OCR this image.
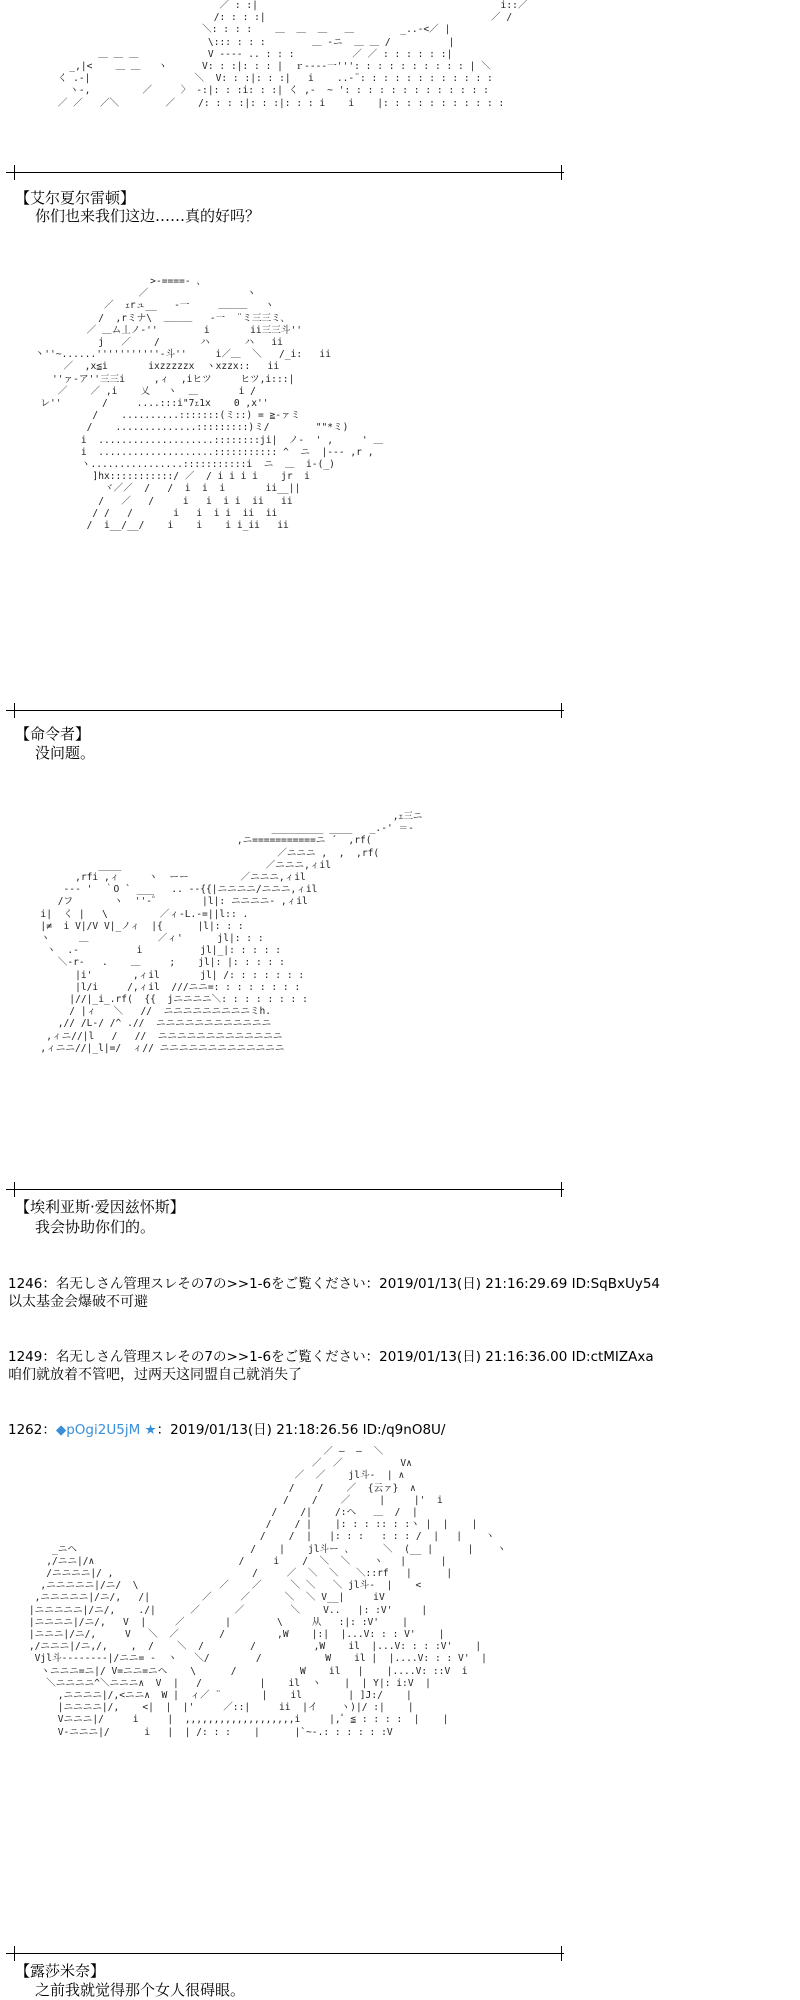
／ : :|                                          i::／
/: : : :|                                       ／ /
＼: : : :    ＿  ＿  ＿   ＿        _..-<／ |
\::: : : :        ＿ -ニ  ＿ ＿ /          |
＿ ＿ ＿            V ---- .. : : :          ／ ／ : : : : : :|
_,|<    ＿ ＿   ヽ      V: : :|: : : |  ｒ----一''': : : : : : : : : : | ＼
く .-|                  ＼  V: : :|: : :|   i    ..-¨: : : : : : : : : : : :
ヽ-,         ／     〉 -:|: : :i: : :| く ,-  ~ ': : : : : : : : : : : : :
／ ／   ／＼        ／    /: : : :|: : :|: : : i    i    |: : : : : : : : : : :
【艾尔夏尔雷顿】
你们也来我们这边……真的好吗？
>-====- 、
／                 ヽ
／  ｪrュ__   -一     ＿＿＿   ヽ
/  ,rミナ\  ＿＿＿   -一  ¨ミ三三ミ、
／ ＿ム丄ノ-''        i       ii三三斗''
j   ／    /       ハ      ハ   ii
丶''~......'''''''''''-斗''     i／＿  ＼   /_i:   ii
／  ,x≦i       ixzzzzzx  ヽxzzx::   ii
''ァ-ア''三三i     ,ィ  ,iヒツ     ヒツ,i:::|
／    ／ ,i    乂   ヽ  ＿       i /
レ''       /     ....:::i"7ｪ1x    0 ,x''
/    ..........:::::::(ミ::) = ≧-ァミ
/    ..............:::::::::)ミ/        ""*ミ)
i  ....................::::::::ji|  ノ-  ' ,     ' ＿
i  ....................::::::::::: ^  ニ  |--- ,r ,
ヽ................:::::::::::i  ニ  ＿  i-(_)
]hx:::::::::::/ ／  / i i i i    jr  i
ヾ／／  /   /  i  i  i       ii__||
/   ／   /     i   i  i i  ii   ii
/ /   /       i   i  i i  ii  ii
/  i__/__/    i    i    i i_ii   ii
【命令者】
没问题。
,ｪ三ニ
_________ ____   _.-' ＝‐
,ニ===========ニ ´  ,rf(
／ニニニ ,  ,  ,rf(
____                         ／ニニニ,ィil
,rfi ,ィ     ヽ  ーー         ／ニニニ,ィil
--- '  ｀O ` ___   .. --{{|ニニニニ/ニニニ,ィil
/フ       ヽ  ''-゜       |l|: ニニニニ- ,ィil
i|  く |   \         ／ィ-L.-=||l:: .
|≠  i V|/V V|_ノィ  |{      |l|: : :
ヽ     ＿            ／ィ'      jl|: : :
ヽ  .-          i          jl|_|: : : : :
＼-r-   .    ＿     ;    jl|: |: : : : :
|i'       ,ィil       jl| /: : : : : : :
|l/i     /,ィil  ///ニニ=: : : : : : : :
|//|_i_.rf(  {{  jニニニニ＼: : : : : : : :
/ |ィ   ＼   //  ニニニニニニニニニミh.
,// /L-/ /^ .//  ニニニニニニニニニニニニ
,ィニ//|l   /   //  ニニニニニニニニニニニニニ
,ィニニ//|_l|=/  ィ// ニニニニニニニニニニニニニ
【埃利亚斯·爱因兹怀斯】
我会协助你们的。
1246：名无しさん管理スレその7の>>1-6をご覧ください：2019/01/13(日) 21:16:29.69 ID:SqBxUy54
以太基金会爆破不可避
1249：名无しさん管理スレその7の>>1-6をご覧ください：2019/01/13(日) 21:16:36.00 ID:ctMIZAxa
咱们就放着不管吧，过两天这同盟自己就消失了
1262：◆pOgi2U5jM ★：2019/01/13(日) 21:18:26.56 ID:/q9nO8U/
／ ―  ―  ＼
／  ／          V∧
／  ／    jl斗-  | ∧
/    /    ／  {云ァ}  ∧
/    /    ／     |     |'  i
/    /|    /:ヘ   ＿  /  |
/    / |    |: : : :: : :ヽ |  |    |
/    /  |   |: : :   : : : /  |   |    ヽ
_ニヘ                              /    |    jl斗ー 、     ＼  (__ |      |    ヽ
,/ニニ|/∧                         /     i    /  ＼  ＼    ヽ   |      |
/ニニニニ|/ ,                        /     ／  ＼  ＼   ＼::rf   |      |
,ニニニニニ|/ニ/  \              ／    ／     ＼ ＼   ＼ jl斗-  |    <
,ニニニニニ|/ニ/,   /|         ／     ／      ＼  ＼ V__|     iV
|ニニニニニ|/ニ/,    ./|      ／      ／        ＼    V..   |: :V'     |
|ニニニニ|/ニ/,   V  |     ／       |        \     从   :|: :V'    |
|ニニニ|/ニ/,     V   ＼  ／       /         ,W    |:|  |...V: : : V'    |
,/ニニニ|/ニ,/,    ,  /    ＼  /        /          ,W    il  |...V: : : :V'    |
Vjl斗--------|/ニニ= -  ヽ   ＼/        /           W    il |  |....V: : : V'  |
ヽニニニ=ニ|/ V=ニニ=ニヘ    \      /           W    il   |    |....V: ::V  i
＼ニニニニ^＼ニニニ∧  V  |   /          |    il  ヽ    |  | Y|: i:V  |
,ニニニニ|/,<ニニ∧  W |  ィ／ ¨       |    il        | ]J:/    |
|ニニニニ|/,    <|  |  |'     ／::|     ii  |イ    ヽ)|/ :|    |
Vニニニ|/     i     |  ,,,,,,,,,,,,,,,,,,,i     |,゜≦ : : : :  |    |
V-ニニニ|/      i   |  | /: : :    |      |`~-.: : : : : :V
【露莎米奈】
之前我就觉得那个女人很碍眼。
